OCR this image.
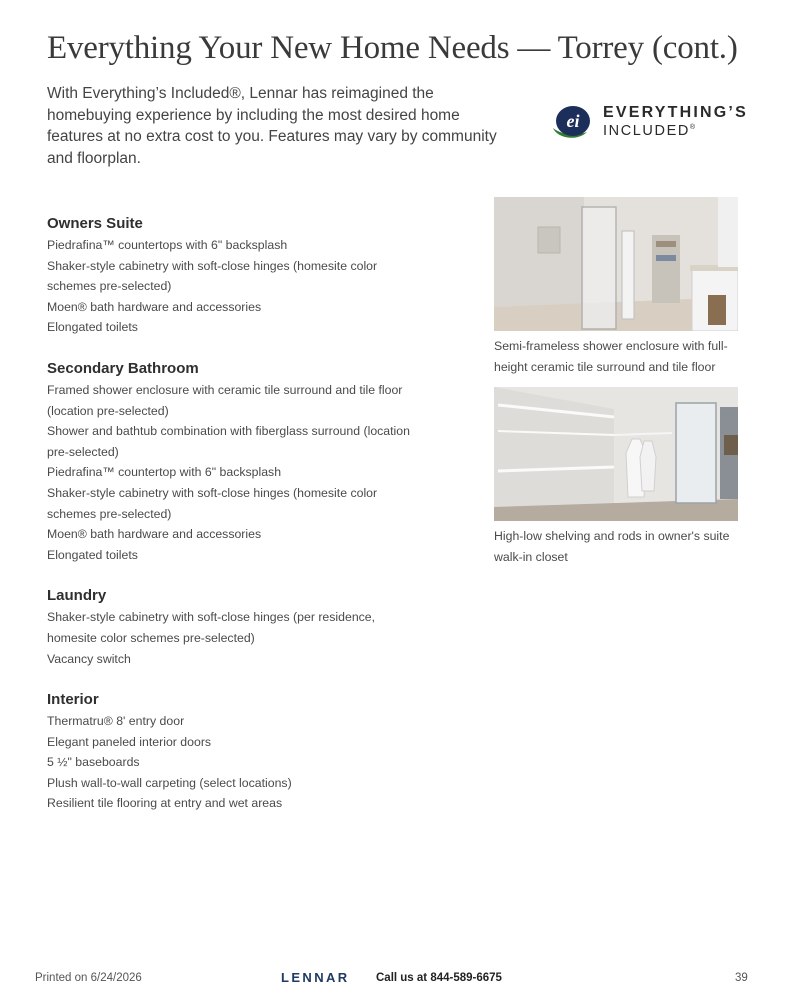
Everything Your New Home Needs — Torrey (cont.)
With Everything’s Included®, Lennar has reimagined the homebuying experience by including the most desired home features at no extra cost to you. Features may vary by community and floorplan.
ei EVERYTHING’S
INCLUDED®
Owners Suite
Piedrafina™ countertops with 6" backsplash
Shaker-style cabinetry with soft-close hinges (homesite color schemes pre-selected)
Moen® bath hardware and accessories
Elongated toilets
Secondary Bathroom
Framed shower enclosure with ceramic tile surround and tile floor (location pre-selected)
Shower and bathtub combination with fiberglass surround (location pre-selected)
Piedrafina™ countertop with 6" backsplash
Shaker-style cabinetry with soft-close hinges (homesite color schemes pre-selected)
Moen® bath hardware and accessories
Elongated toilets
Laundry
Shaker-style cabinetry with soft-close hinges (per residence, homesite color schemes pre-selected)
Vacancy switch
Interior
Thermatru® 8' entry door
Elegant paneled interior doors
5 ½" baseboards
Plush wall-to-wall carpeting (select locations)
Resilient tile flooring at entry and wet areas
Semi-frameless shower enclosure with full-height ceramic tile surround and tile floor
High-low shelving and rods in owner's suite walk-in closet
Printed on 6/24/2026	LENNAR Call us at 844-589-6675	39
